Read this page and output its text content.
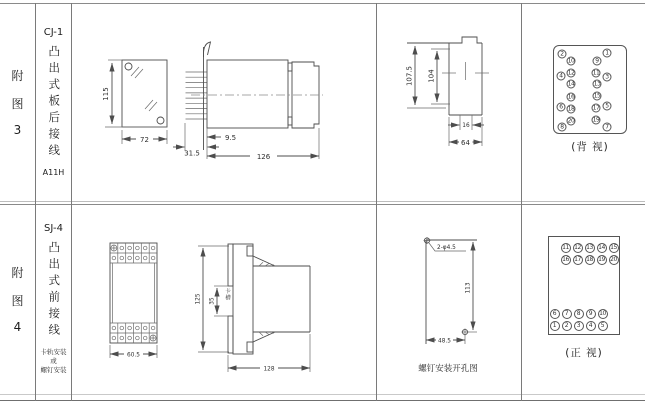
附
图
3
CJ-1
凸出式板后接线
A11H
115
72	9.5
31.5	126
107.5 104
16
64
2	1
10	9
4 12	11
3
14	13
16	15
6 18	17 5
20	19
8	7
(背 视)
附
图
4
SJ-4
凸出式前接线
卡轨安装
或
螺钉安装
60.5
125 35
128
卡槽
2-φ4.5
113
48.5
螺钉安装开孔图
11 12 13 14 15
16 17 18 19 20
6	7	8	9	10
1	2	3	4	5
(正 视)
